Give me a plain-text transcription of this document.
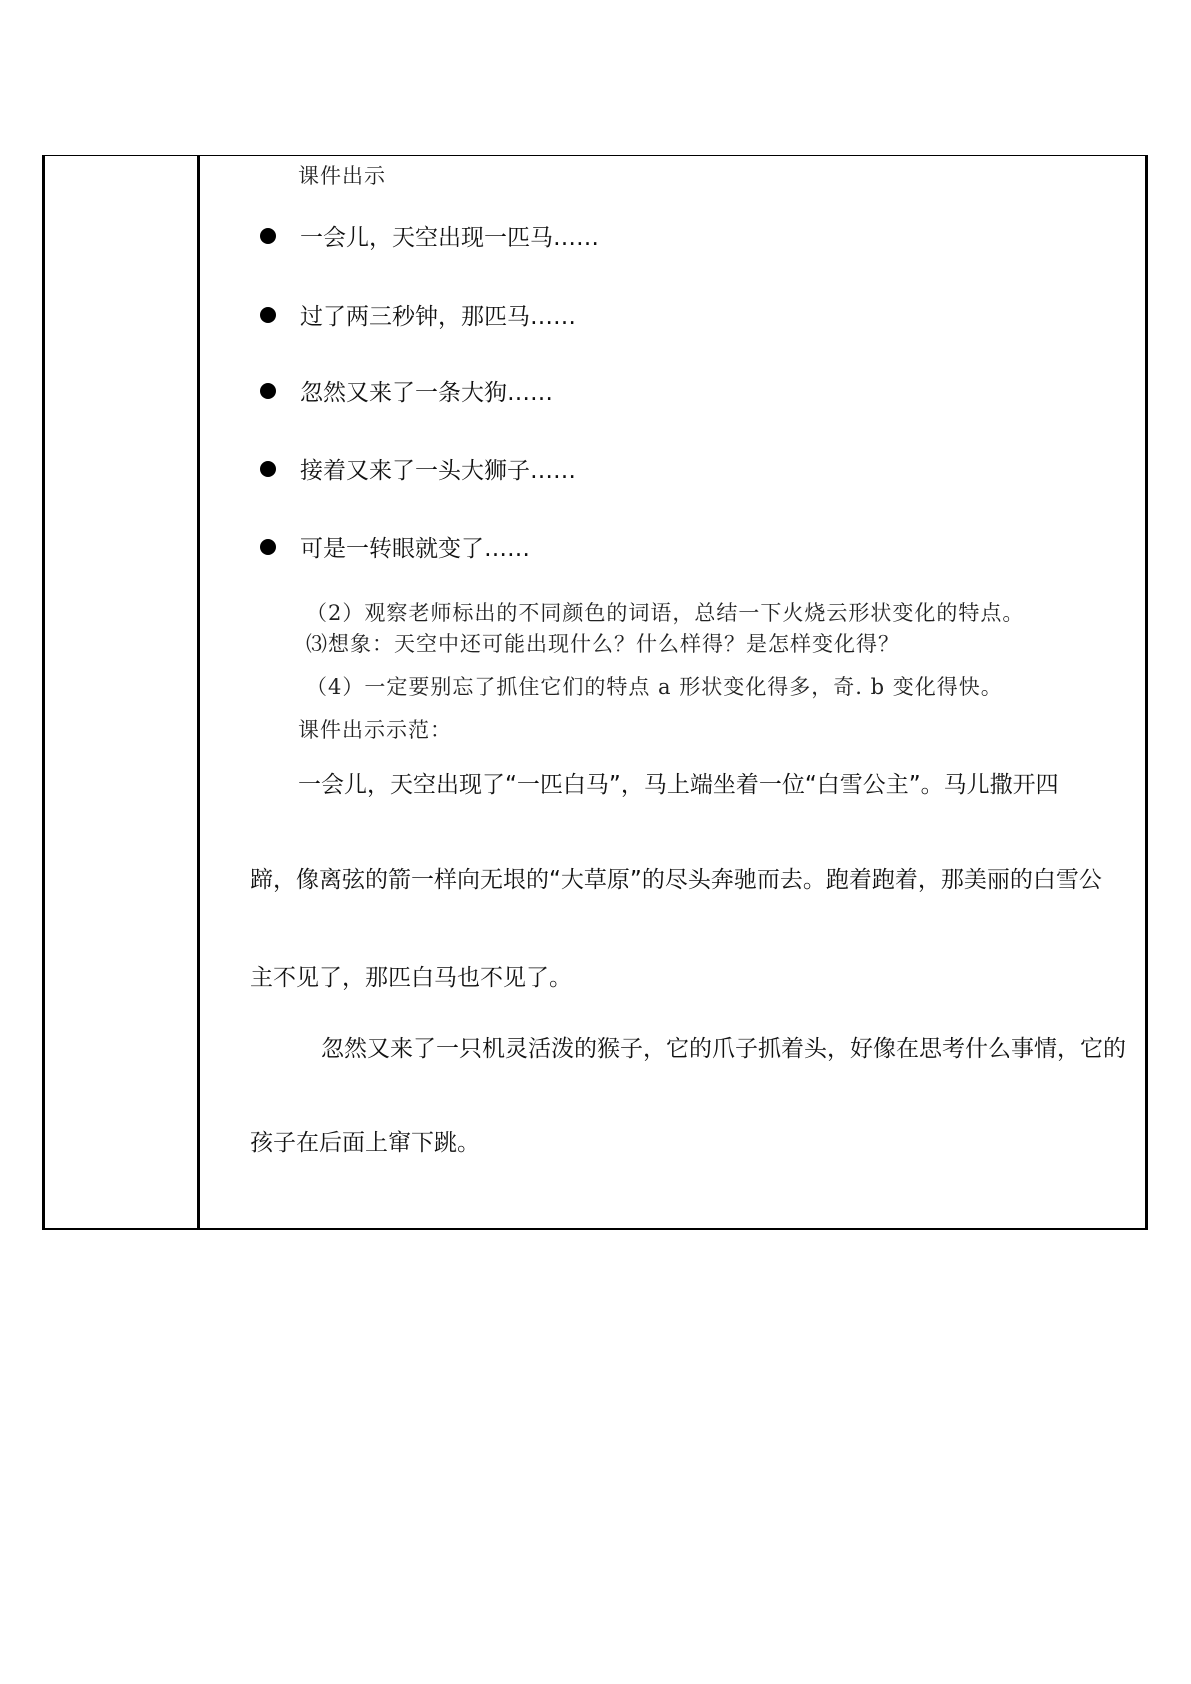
课件出示
一会儿，天空出现一匹马……
过了两三秒钟，那匹马……
忽然又来了一条大狗……
接着又来了一头大狮子……
可是一转眼就变了……
（2）观察老师标出的不同颜色的词语，总结一下火烧云形状变化的特点。
⑶想象：天空中还可能出现什么？什么样得？是怎样变化得？
（4）一定要别忘了抓住它们的特点 a 形状变化得多，奇. b 变化得快。
课件出示示范：
一会儿，天空出现了“一匹白马”，马上端坐着一位“白雪公主”。马儿撒开四
蹄，像离弦的箭一样向无垠的“大草原”的尽头奔驰而去。跑着跑着，那美丽的白雪公
主不见了，那匹白马也不见了。
忽然又来了一只机灵活泼的猴子，它的爪子抓着头，好像在思考什么事情，它的
孩子在后面上窜下跳。
